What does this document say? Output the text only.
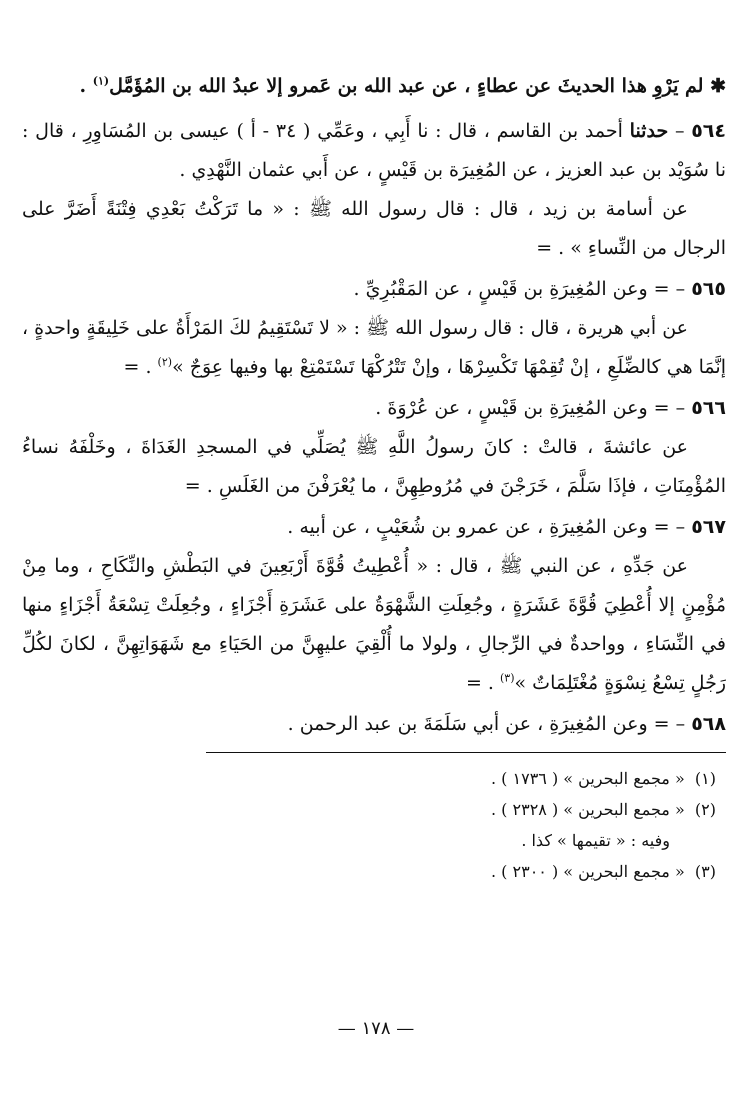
✱ لم يَرْوِ هذا الحديثَ عن عطاءٍ ، عن عبد الله بن عَمرو إلا عبدُ الله بن المُؤَمَّل$^{(١)}$ .

٥٦٤ – حدثنا أحمد بن القاسم ، قال : نا أَبِي ، وعَمِّي ( ٣٤ - أ ) عيسى بن المُسَاوِرِ ، قال : نا سُوَيْد بن عبد العزيز ، عن المُغِيرَة بن قَيْسٍ ، عن أَبي عثمان النَّهْدِي .

عن أسامة بن زيد ، قال : قال رسول الله ﷺ : « ما تَرَكْتُ بَعْدِي فِتْنَةً أَضَرَّ على الرجال من النِّساءِ » . =

٥٦٥ – = وعن المُغِيرَةِ بن قَيْسٍ ، عن المَقْبُرِيِّ .

عن أبي هريرة ، قال : قال رسول الله ﷺ : « لا تَسْتَقِيمُ لكَ المَرْأَةُ على خَلِيقَةٍ واحدةٍ ، إنَّمَا هي كالضِّلَعِ ، إنْ تُقِمْهَا تَكْسِرْهَا ، وإنْ تَتْرُكْهَا تَسْتَمْتِعْ بها وفيها عِوَجٌ »$^{(٢)}$ . =

٥٦٦ – = وعن المُغِيرَةِ بن قَيْسٍ ، عن عُرْوَةَ .

عن عائشةَ ، قالتْ : كانَ رسولُ اللَّهِ ﷺ يُصَلِّي في المسجدِ الغَدَاةَ ، وخَلْفَهُ نساءُ المُؤْمِنَاتِ ، فإذَا سَلَّمَ ، خَرَجْنَ في مُرُوطِهِنَّ ، ما يُعْرَفْنَ من الغَلَسِ . =

٥٦٧ – = وعن المُغِيرَةِ ، عن عمرو بن شُعَيْبٍ ، عن أبيه .

عن جَدِّهِ ، عن النبي ﷺ ، قال : « أُعْطِيتُ قُوَّةَ أَرْبَعِينَ في البَطْشِ والنِّكَاحِ ، وما مِنْ مُؤْمِنٍ إلا أُعْطِيَ قُوَّةَ عَشَرَةٍ ، وجُعِلَتِ الشَّهْوَةُ على عَشَرَةِ أَجْزَاءٍ ، وجُعِلَتْ تِسْعَةُ أَجْزَاءٍ منها في النِّسَاءِ ، وواحدةٌ في الرِّجالِ ، ولولا ما أُلْقِيَ عليهِنَّ من الحَيَاءِ مع شَهَوَاتِهِنَّ ، لكانَ لكُلِّ رَجُلٍ تِسْعُ نِسْوَةٍ مُغْتَلِمَاتٌ »$^{(٣)}$ . =

٥٦٨ – = وعن المُغِيرَةِ ، عن أبي سَلَمَةَ بن عبد الرحمن .

(١)  « مجمع البحرين » ( ١٧٣٦ ) .
(٢)  « مجمع البحرين » ( ٢٣٢٨ ) .
وفيه : « تقيمها » كذا .
(٣)  « مجمع البحرين » ( ٢٣٠٠ ) .
— ١٧٨ —
